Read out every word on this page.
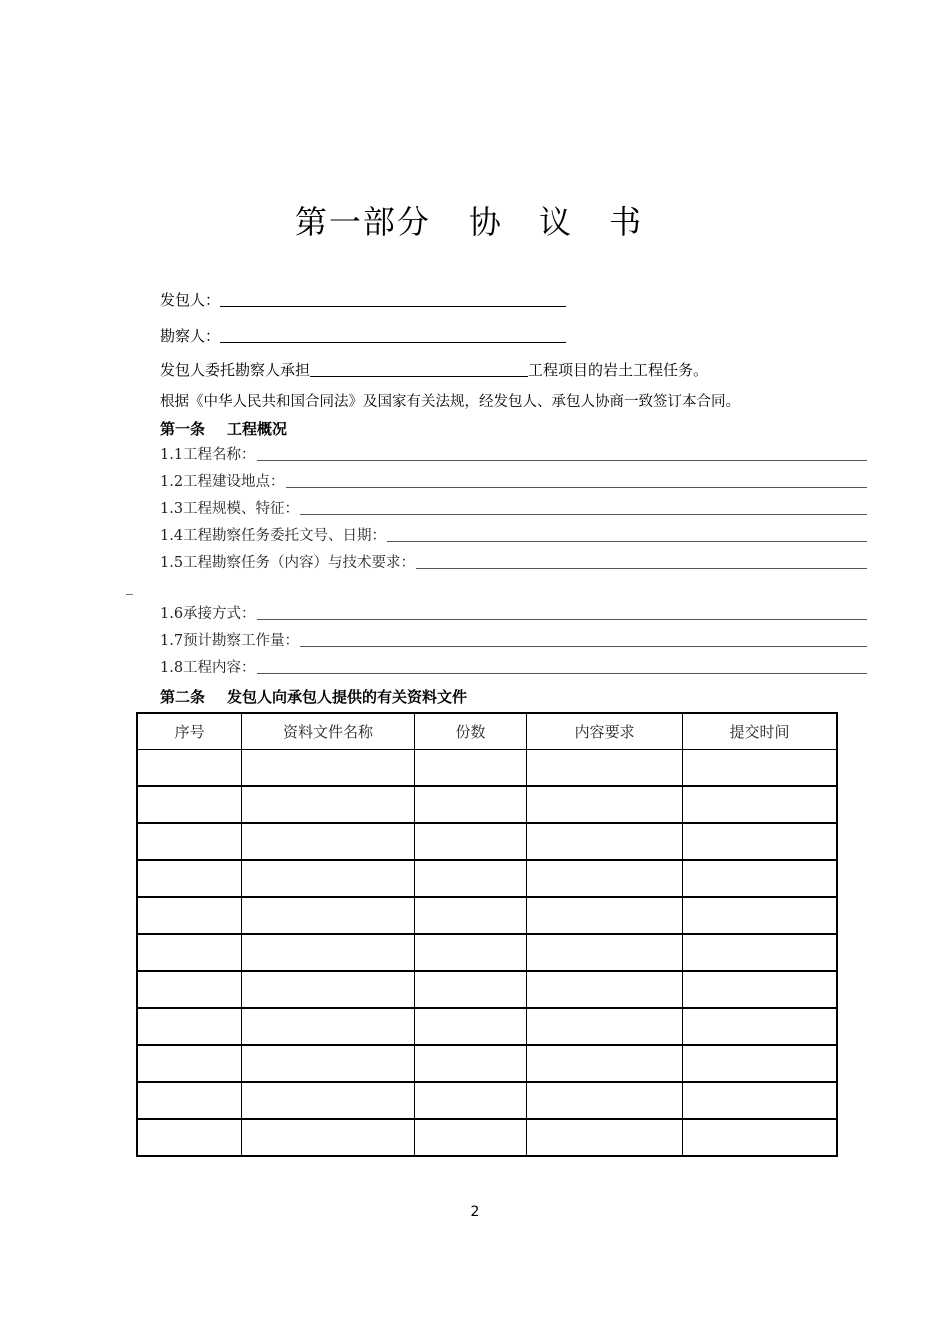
第一部分 协 议 书
发包人：
勘察人：
发包人委托勘察人承担	工程项目的岩土工程任务。
根据《中华人民共和国合同法》及国家有关法规，经发包人、承包人协商一致签订本合同。
第一条 工程概况
1.1工程名称：
1.2工程建设地点：
1.3工程规模、特征：
1.4工程勘察任务委托文号、日期：
1.5工程勘察任务（内容）与技术要求：
1.6承接方式：
1.7预计勘察工作量：
1.8工程内容：
第二条 发包人向承包人提供的有关资料文件
序号	资料文件名称	份数	内容要求	提交时间

2
